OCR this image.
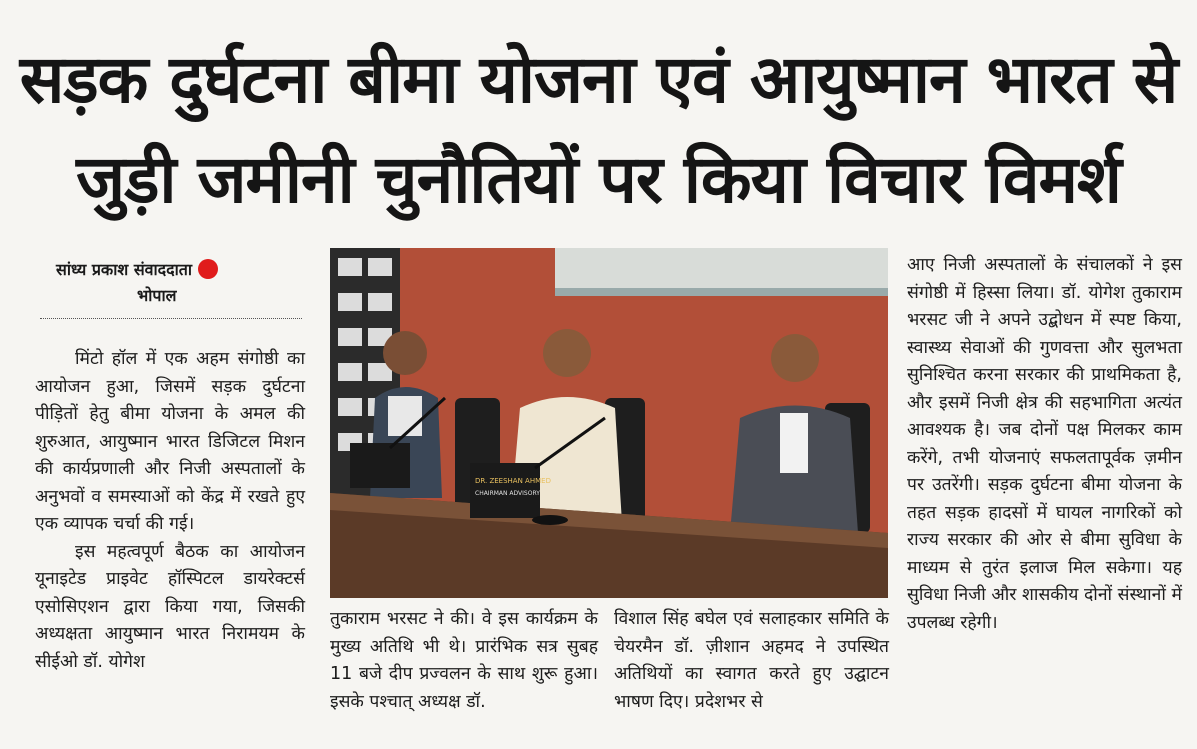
सड़क दुर्घटना बीमा योजना एवं आयुष्मान भारत से
जुड़ी जमीनी चुनौतियों पर किया विचार विमर्श
सांध्य प्रकाश संवाददाता
भोपाल

मिंटो हॉल में एक अहम संगोष्ठी का आयोजन हुआ, जिसमें सड़क दुर्घटना पीड़ितों हेतु बीमा योजना के अमल की शुरुआत, आयुष्मान भारत डिजिटल मिशन की कार्यप्रणाली और निजी अस्पतालों के अनुभवों व समस्याओं को केंद्र में रखते हुए एक व्यापक चर्चा की गई।

इस महत्वपूर्ण बैठक का आयोजन यूनाइटेड प्राइवेट हॉस्पिटल डायरेक्टर्स एसोसिएशन द्वारा किया गया, जिसकी अध्यक्षता आयुष्मान भारत निरामयम के सीईओ डॉ. योगेश

DR. ZEESHAN AHMED
CHAIRMAN ADVISORY

तुकाराम भरसट ने की। वे इस कार्यक्रम के मुख्य अतिथि भी थे। प्रारंभिक सत्र सुबह 11 बजे दीप प्रज्वलन के साथ शुरू हुआ। इसके पश्चात् अध्यक्ष डॉ.

विशाल सिंह बघेल एवं सलाहकार समिति के चेयरमैन डॉ. ज़ीशान अहमद ने उपस्थित अतिथियों का स्वागत करते हुए उद्घाटन भाषण दिए। प्रदेशभर से

आए निजी अस्पतालों के संचालकों ने इस संगोष्ठी में हिस्सा लिया। डॉ. योगेश तुकाराम भरसट जी ने अपने उद्बोधन में स्पष्ट किया, स्वास्थ्य सेवाओं की गुणवत्ता और सुलभता सुनिश्चित करना सरकार की प्राथमिकता है, और इसमें निजी क्षेत्र की सहभागिता अत्यंत आवश्यक है। जब दोनों पक्ष मिलकर काम करेंगे, तभी योजनाएं सफलतापूर्वक ज़मीन पर उतरेंगी। सड़क दुर्घटना बीमा योजना के तहत सड़क हादसों में घायल नागरिकों को राज्य सरकार की ओर से बीमा सुविधा के माध्यम से तुरंत इलाज मिल सकेगा। यह सुविधा निजी और शासकीय दोनों संस्थानों में उपलब्ध रहेगी।
